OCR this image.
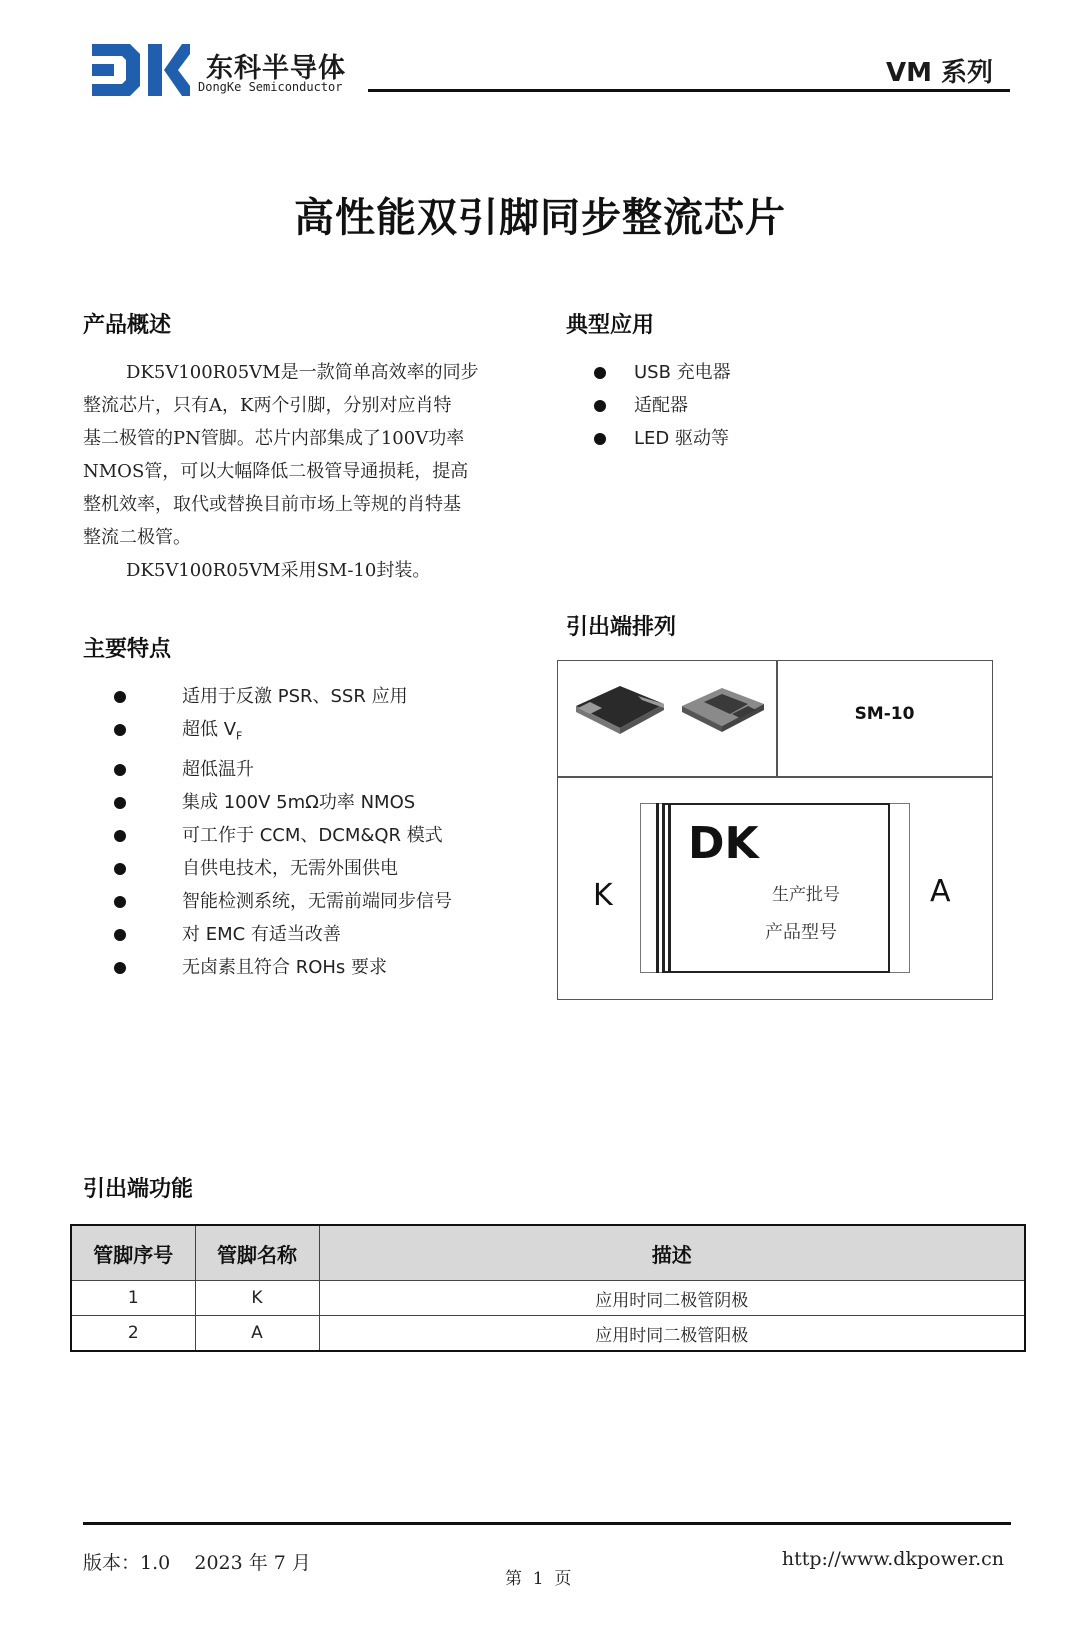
东科半导体
DongKe Semiconductor	VM 系列
高性能双引脚同步整流芯片
产品概述
DK5V100R05VM是一款简单高效率的同步
整流芯片，只有A，K两个引脚，分别对应肖特
基二极管的PN管脚。芯片内部集成了100V功率
NMOS管，可以大幅降低二极管导通损耗，提高
整机效率，取代或替换目前市场上等规的肖特基
整流二极管。
DK5V100R05VM采用SM-10封装。
典型应用
USB 充电器
适配器
LED 驱动等
主要特点
适用于反激 PSR、SSR 应用
超低 $V_F$
超低温升
集成 100V 5mΩ功率 NMOS
可工作于 CCM、DCM&QR 模式
自供电技术，无需外围供电
智能检测系统，无需前端同步信号
对 EMC 有适当改善
无卤素且符合 ROHs 要求
引出端排列
SM-10
K	A
DK
生产批号
产品型号
引出端功能
管脚序号	管脚名称	描述
1	K	应用时同二极管阴极
2	A	应用时同二极管阳极
版本：1.0    2023 年 7 月
第  1  页
http://www.dkpower.cn
